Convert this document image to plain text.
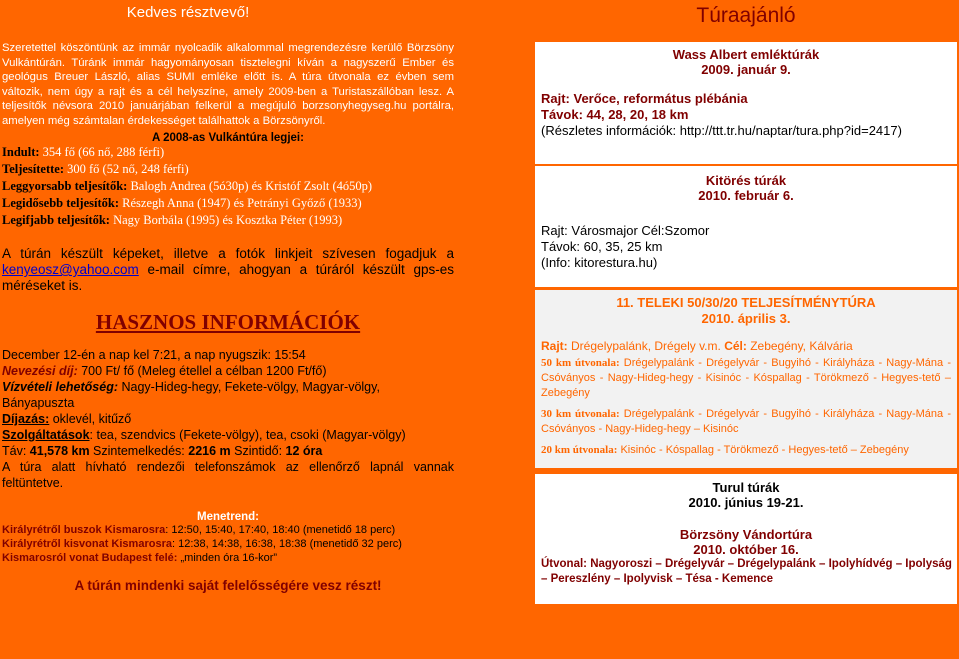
Kedves résztvevő!

Szeretettel köszöntünk az immár nyolcadik alkalommal megrendezésre kerülő Börzsöny Vulkántúrán. Túránk immár hagyományosan tisztelegni kíván a nagyszerű Ember és geológus Breuer László, alias SUMI emléke előtt is. A túra útvonala ez évben sem változik, nem úgy a rajt és a cél helyszíne, amely 2009-ben a Turistaszállóban lesz. A teljesítők névsora 2010 januárjában felkerül a megújuló borzsonyhegyseg.hu portálra, amelyen még számtalan érdekességet találhattok a Börzsönyről.

A 2008-as Vulkántúra legjei:

Indult: 354 fő (66 nő, 288 férfi)

Teljesítette: 300 fő (52 nő, 248 férfi)

Leggyorsabb teljesítők: Balogh Andrea (5ó30p) és Kristóf Zsolt (4ó50p)

Legidősebb teljesítők: Részegh Anna (1947) és Petrányi Győző (1933)

Legifjabb teljesítők: Nagy Borbála (1995) és Kosztka Péter (1993)

A túrán készült képeket, illetve a fotók linkjeit szívesen fogadjuk a kenyeosz@yahoo.com e-mail címre, ahogyan a túráról készült gps-es méréseket is.

HASZNOS INFORMÁCIÓK

December 12-én a nap kel 7:21, a nap nyugszik: 15:54

Nevezési díj: 700 Ft/ fő (Meleg étellel a célban 1200 Ft/fő)

Vízvételi lehetőség: Nagy-Hideg-hegy, Fekete-völgy, Magyar-völgy, Bányapuszta

Díjazás: oklevél, kitűző

Szolgáltatások: tea, szendvics (Fekete-völgy), tea, csoki (Magyar-völgy)

Táv: 41,578 km Szintemelkedés: 2216 m Szintidő: 12 óra

A túra alatt hívható rendezői telefonszámok az ellenőrző lapnál vannak feltüntetve.

Menetrend:

Királyrétről buszok Kismarosra: 12:50, 15:40, 17:40, 18:40 (menetidő 18 perc)

Királyrétről kisvonat Kismarosra: 12:38, 14:38, 16:38, 18:38 (menetidő 32 perc)

Kismarosról vonat Budapest felé: „minden óra 16-kor”

A túrán mindenki saját felelősségére vesz részt!

Túraajánló

Wass Albert emléktúrák

2009. január 9.

Rajt: Verőce, református plébánia

Távok: 44, 28, 20, 18 km

(Részletes információk: http://ttt.tr.hu/naptar/tura.php?id=2417)

Kitörés túrák

2010. február 6.

Rajt: Városmajor Cél:Szomor

Távok: 60, 35, 25 km

(Info: kitorestura.hu)

11. TELEKI 50/30/20 TELJESÍTMÉNYTÚRA

2010. április 3.

Rajt: Drégelypalánk, Drégely v.m. Cél: Zebegény, Kálvária

50 km útvonala: Drégelypalánk - Drégelyvár - Bugyihó - Királyháza - Nagy-Mána - Csóványos - Nagy-Hideg-hegy - Kisinóc - Kóspallag - Törökmező - Hegyes-tető – Zebegény

30 km útvonala: Drégelypalánk - Drégelyvár - Bugyihó - Királyháza - Nagy-Mána - Csóványos - Nagy-Hideg-hegy – Kisinóc

20 km útvonala: Kisinóc - Kóspallag - Törökmező - Hegyes-tető – Zebegény

Turul túrák

2010. június 19-21.

Börzsöny Vándortúra

2010. október 16.

Útvonal: Nagyoroszi – Drégelyvár – Drégelypalánk – Ipolyhídvég – Ipolyság – Pereszlény – Ipolyvisk – Tésa - Kemence
